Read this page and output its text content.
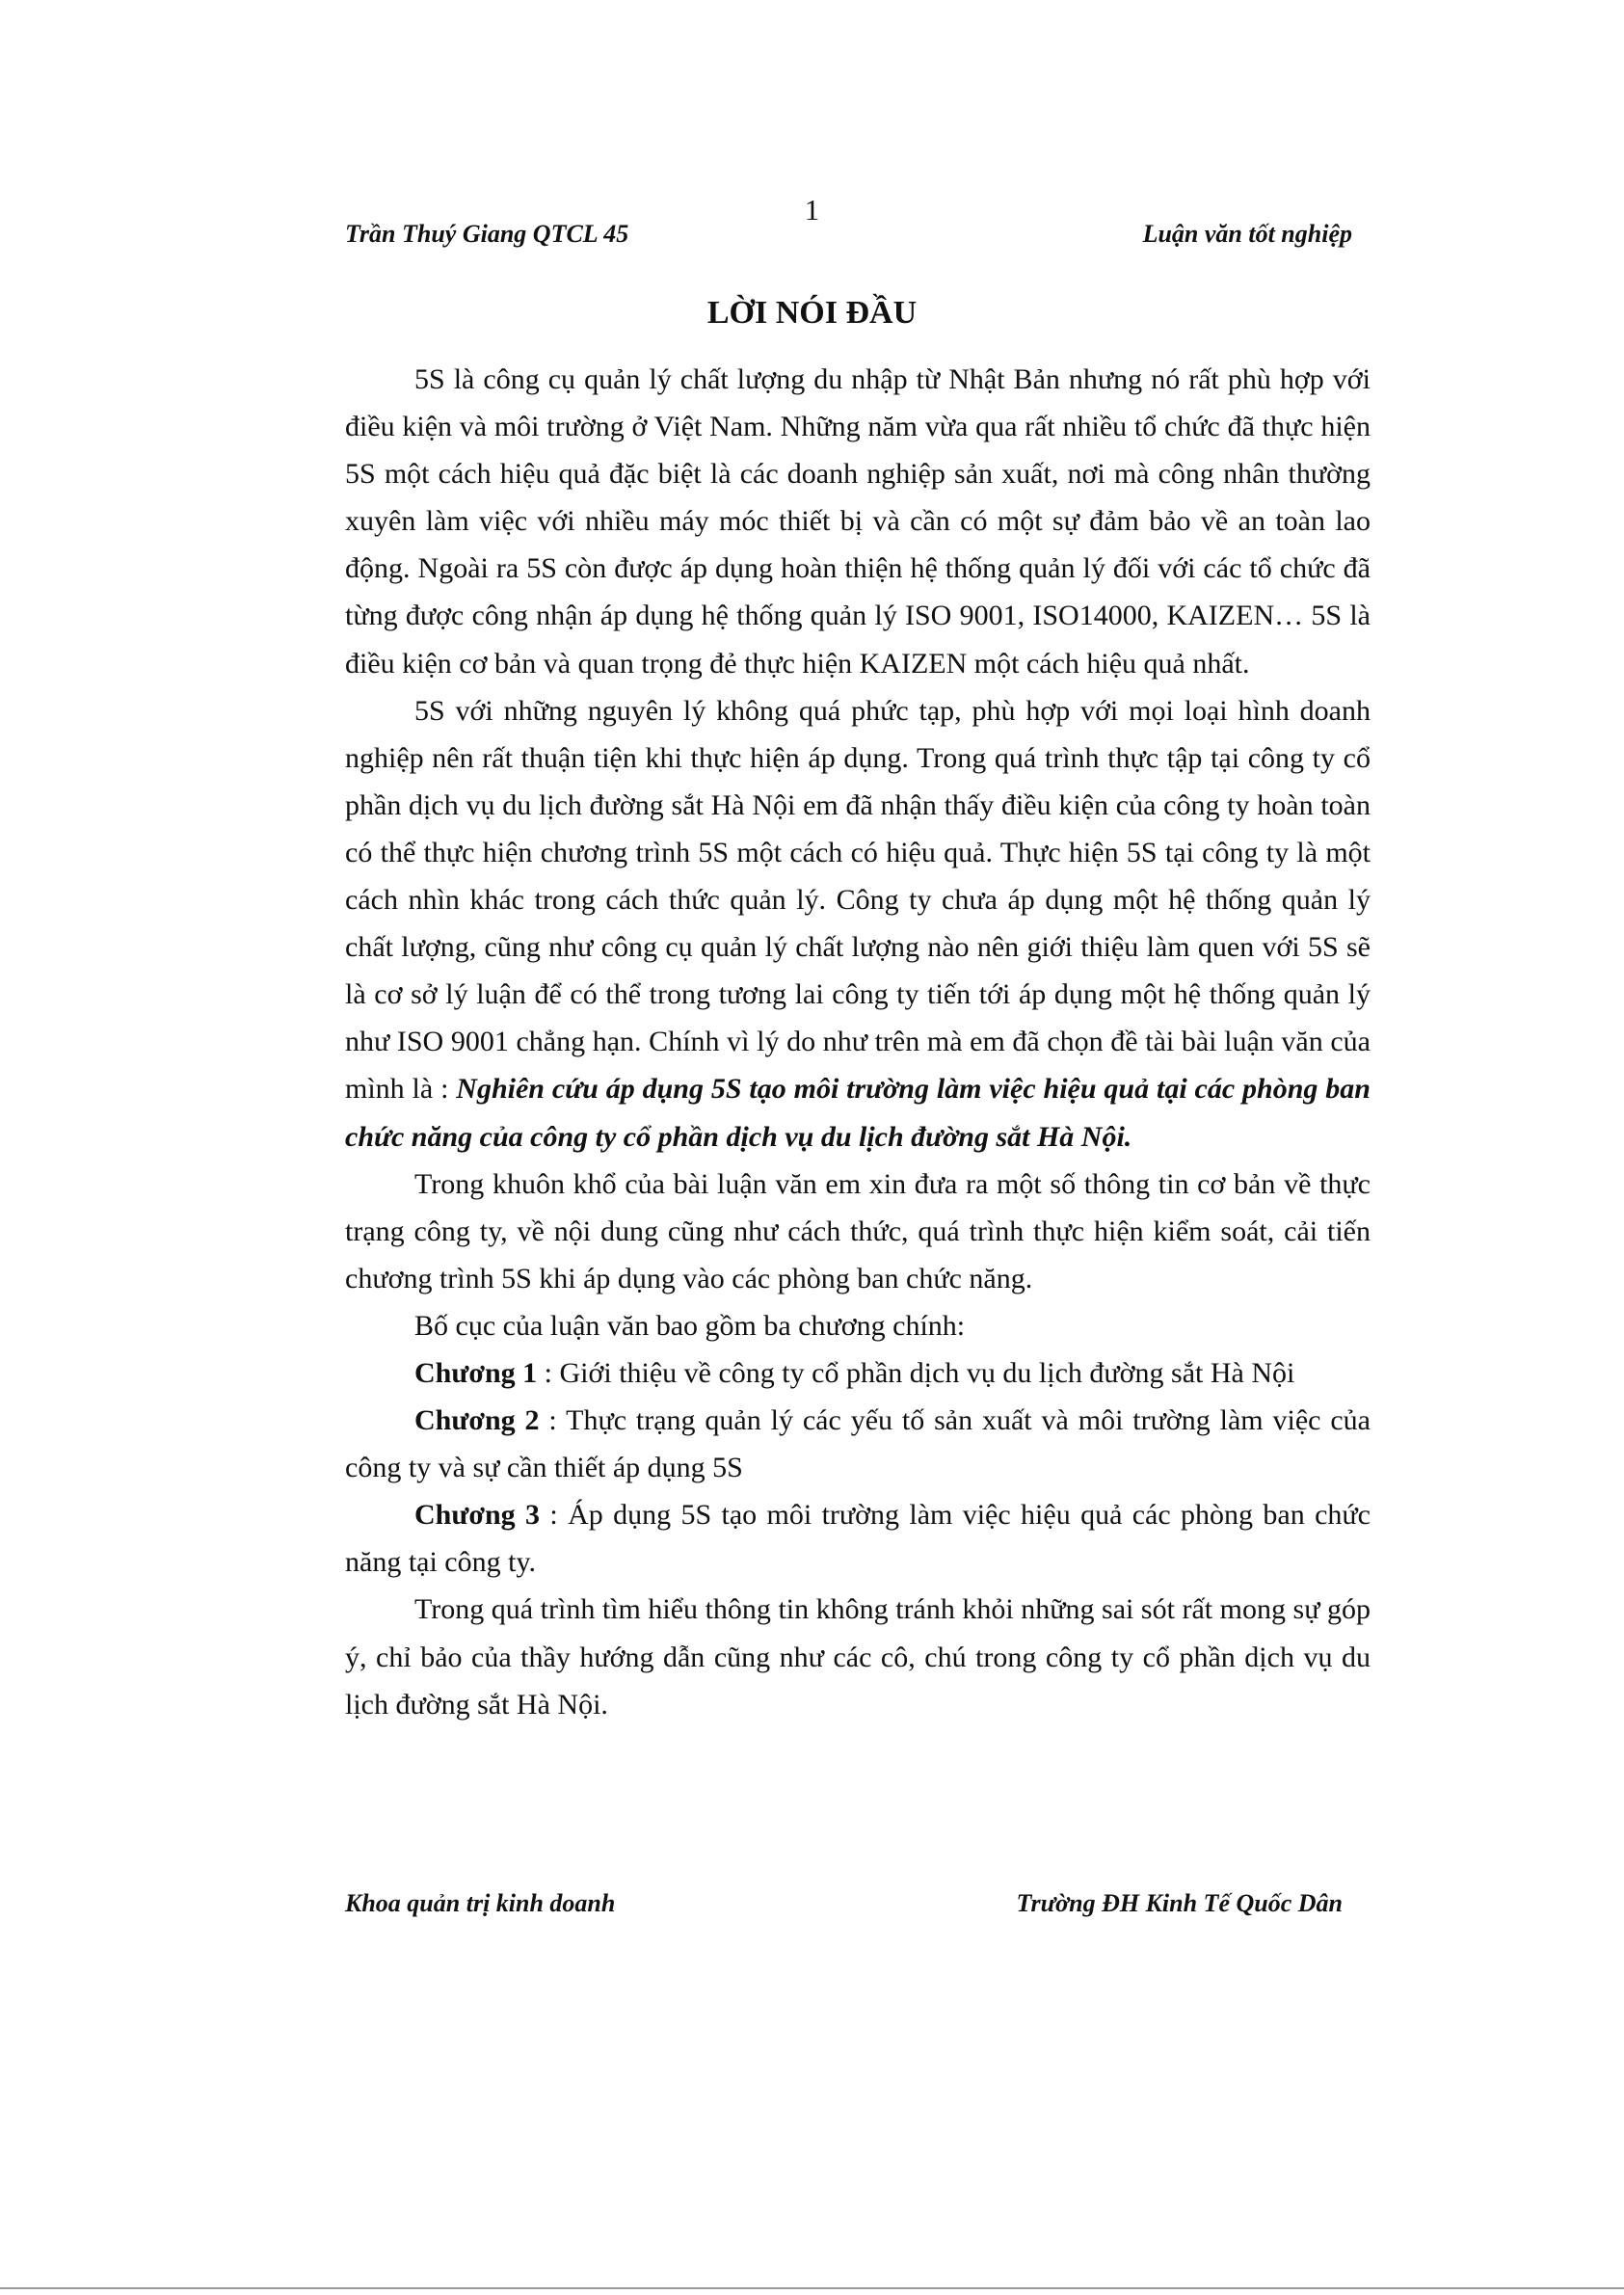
1
Trần Thuý Giang QTCL 45	Luận văn tốt nghiệp
LỜI NÓI ĐẦU

5S là công cụ quản lý chất lượng du nhập từ Nhật Bản nhưng nó rất phù hợp với điều kiện và môi trường ở Việt Nam. Những năm vừa qua rất nhiều tổ chức đã thực hiện 5S một cách hiệu quả đặc biệt là các doanh nghiệp sản xuất, nơi mà công nhân thường xuyên làm việc với nhiều máy móc thiết bị và cần có một sự đảm bảo về an toàn lao động. Ngoài ra 5S còn được áp dụng hoàn thiện hệ thống quản lý đối với các tổ chức đã từng được công nhận áp dụng hệ thống quản lý ISO 9001, ISO14000, KAIZEN… 5S là điều kiện cơ bản và quan trọng đẻ thực hiện KAIZEN một cách hiệu quả nhất.

5S với những nguyên lý không quá phức tạp, phù hợp với mọi loại hình doanh nghiệp nên rất thuận tiện khi thực hiện áp dụng. Trong quá trình thực tập tại công ty cổ phần dịch vụ du lịch đường sắt Hà Nội em đã nhận thấy điều kiện của công ty hoàn toàn có thể thực hiện chương trình 5S một cách có hiệu quả. Thực hiện 5S tại công ty là một cách nhìn khác trong cách thức quản lý. Công ty chưa áp dụng một hệ thống quản lý chất lượng, cũng như công cụ quản lý chất lượng nào nên giới thiệu làm quen với 5S sẽ là cơ sở lý luận để có thể trong tương lai công ty tiến tới áp dụng một hệ thống quản lý như ISO 9001 chẳng hạn. Chính vì lý do như trên mà em đã chọn đề tài bài luận văn của mình là : Nghiên cứu áp dụng 5S tạo môi trường làm việc hiệu quả tại các phòng ban chức năng của công ty cổ phần dịch vụ du lịch đường sắt Hà Nội.

Trong khuôn khổ của bài luận văn em xin đưa ra một số thông tin cơ bản về thực trạng công ty, về nội dung cũng như cách thức, quá trình thực hiện kiểm soát, cải tiến chương trình 5S khi áp dụng vào các phòng ban chức năng.

Bố cục của luận văn bao gồm ba chương chính:

Chương 1 : Giới thiệu về công ty cổ phần dịch vụ du lịch đường sắt Hà Nội

Chương 2 : Thực trạng quản lý các yếu tố sản xuất và môi trường làm việc của công ty và sự cần thiết áp dụng 5S

Chương 3 : Áp dụng 5S tạo môi trường làm việc hiệu quả các phòng ban chức năng tại công ty.

Trong quá trình tìm hiểu thông tin không tránh khỏi những sai sót rất mong sự góp ý, chỉ bảo của thầy hướng dẫn cũng như các cô, chú trong công ty cổ phần dịch vụ du lịch đường sắt Hà Nội.

Khoa quản trị kinh doanh	Trường ĐH Kinh Tế Quốc Dân
